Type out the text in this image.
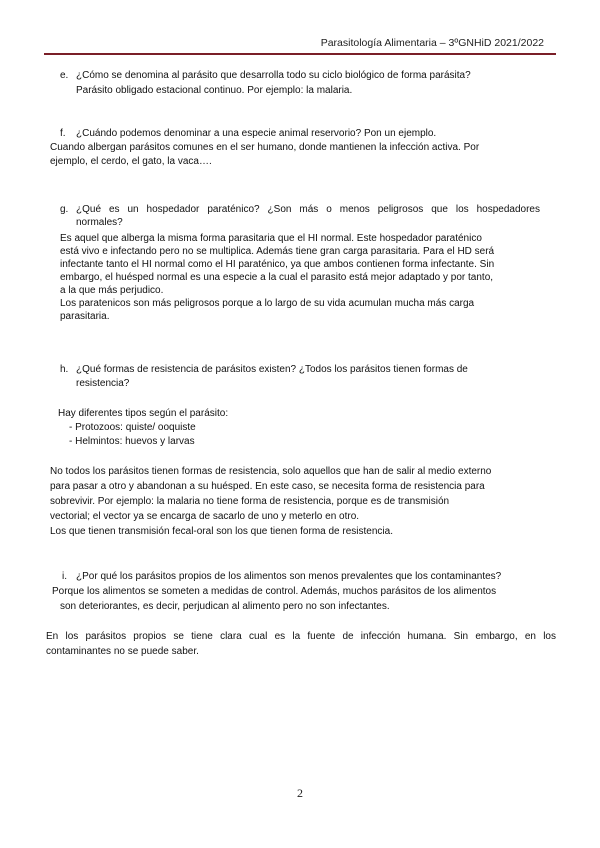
Parasitología Alimentaria – 3ºGNHiD 2021/2022
e. ¿Cómo se denomina al parásito que desarrolla todo su ciclo biológico de forma parásita?
Parásito obligado estacional continuo. Por ejemplo: la malaria.
f. ¿Cuándo podemos denominar a una especie animal reservorio? Pon un ejemplo.
Cuando albergan parásitos comunes en el ser humano, donde mantienen la infección activa. Por
ejemplo, el cerdo, el gato, la vaca….
g. ¿Qué es un hospedador paraténico? ¿Son más o menos peligrosos que los hospedadores
normales?
Es aquel que alberga la misma forma parasitaria que el HI normal. Este hospedador paraténico
está vivo e infectando pero no se multiplica. Además tiene gran carga parasitaria. Para el HD será
infectante tanto el HI normal como el HI paraténico, ya que ambos contienen forma infectante. Sin
embargo, el huésped normal es una especie a la cual el parasito está mejor adaptado y por tanto,
a la que más perjudico.
Los paratenicos son más peligrosos porque a lo largo de su vida acumulan mucha más carga
parasitaria.
h. ¿Qué formas de resistencia de parásitos existen? ¿Todos los parásitos tienen formas de
resistencia?
Hay diferentes tipos según el parásito:
- Protozoos: quiste/ ooquiste
- Helmintos: huevos y larvas
No todos los parásitos tienen formas de resistencia, solo aquellos que han de salir al medio externo
para pasar a otro y abandonan a su huésped. En este caso, se necesita forma de resistencia para
sobrevivir. Por ejemplo: la malaria no tiene forma de resistencia, porque es de transmisión
vectorial; el vector ya se encarga de sacarlo de uno y meterlo en otro.
Los que tienen transmisión fecal-oral son los que tienen forma de resistencia.
i. ¿Por qué los parásitos propios de los alimentos son menos prevalentes que los contaminantes?
Porque los alimentos se someten a medidas de control. Además, muchos parásitos de los alimentos
son deteriorantes, es decir, perjudican al alimento pero no son infectantes.
En los parásitos propios se tiene clara cual es la fuente de infección humana. Sin embargo, en los
contaminantes no se puede saber.
2
